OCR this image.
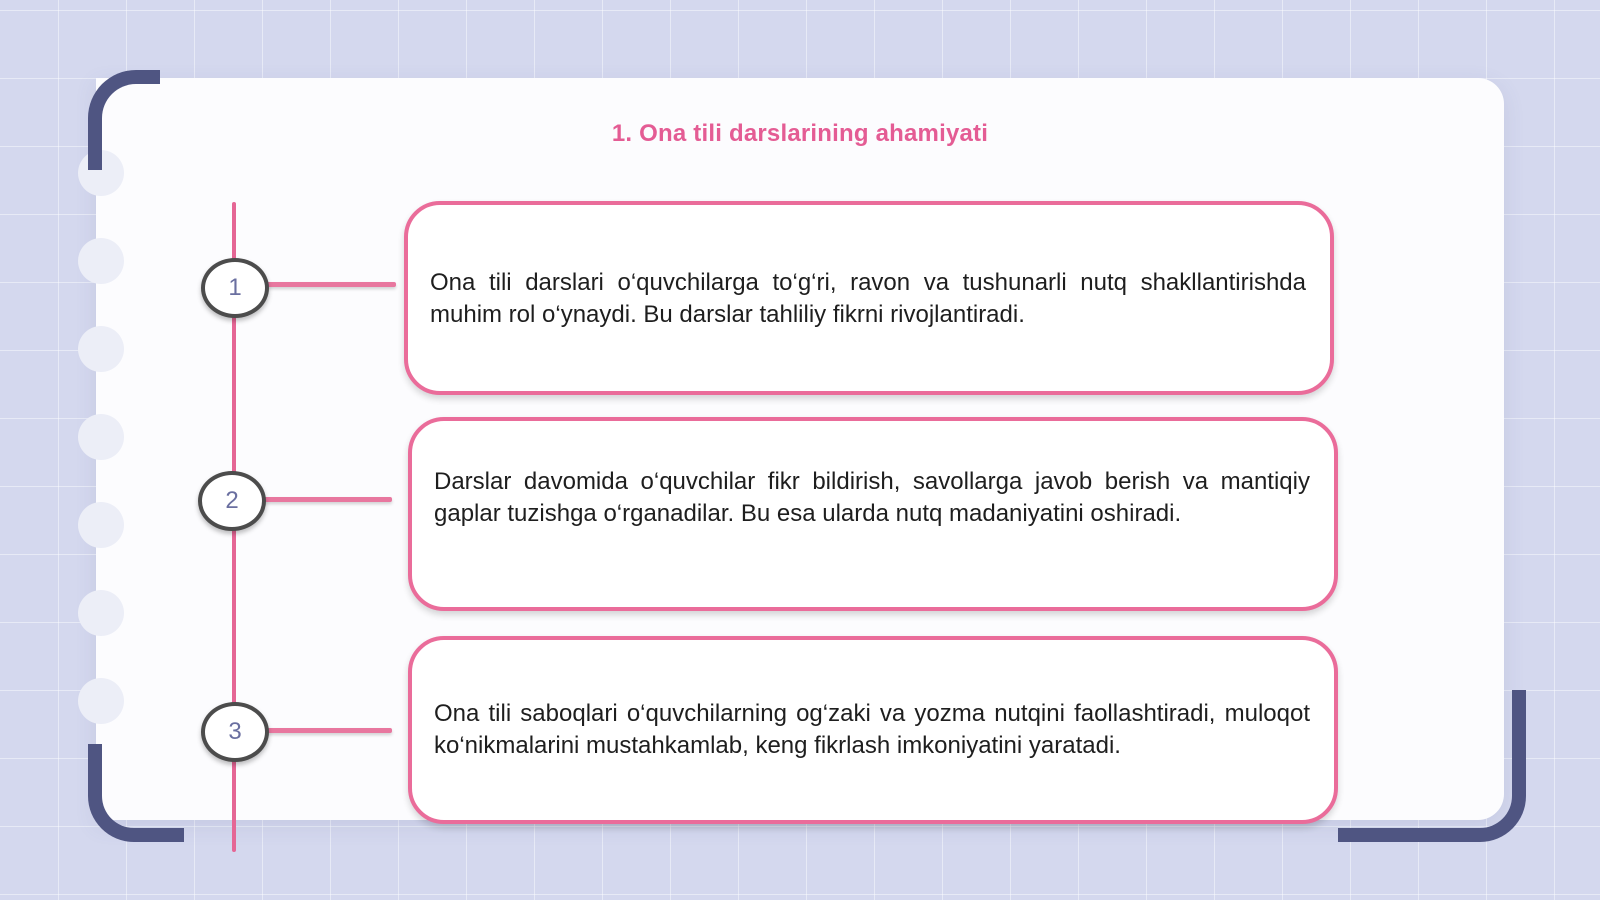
1. Ona tili darslarining ahamiyati
1
2
3

Ona tili darslari o‘quvchilarga to‘g‘ri, ravon va tushunarli nutq shakllantirishda muhim rol o‘ynaydi. Bu darslar tahliliy fikrni rivojlantiradi.

Darslar davomida o‘quvchilar fikr bildirish, savollarga javob berish va mantiqiy gaplar tuzishga o‘rganadilar. Bu esa ularda nutq madaniyatini oshiradi.

Ona tili saboqlari o‘quvchilarning og‘zaki va yozma nutqini faollashtiradi, muloqot ko‘nikmalarini mustahkamlab, keng fikrlash imkoniyatini yaratadi.
